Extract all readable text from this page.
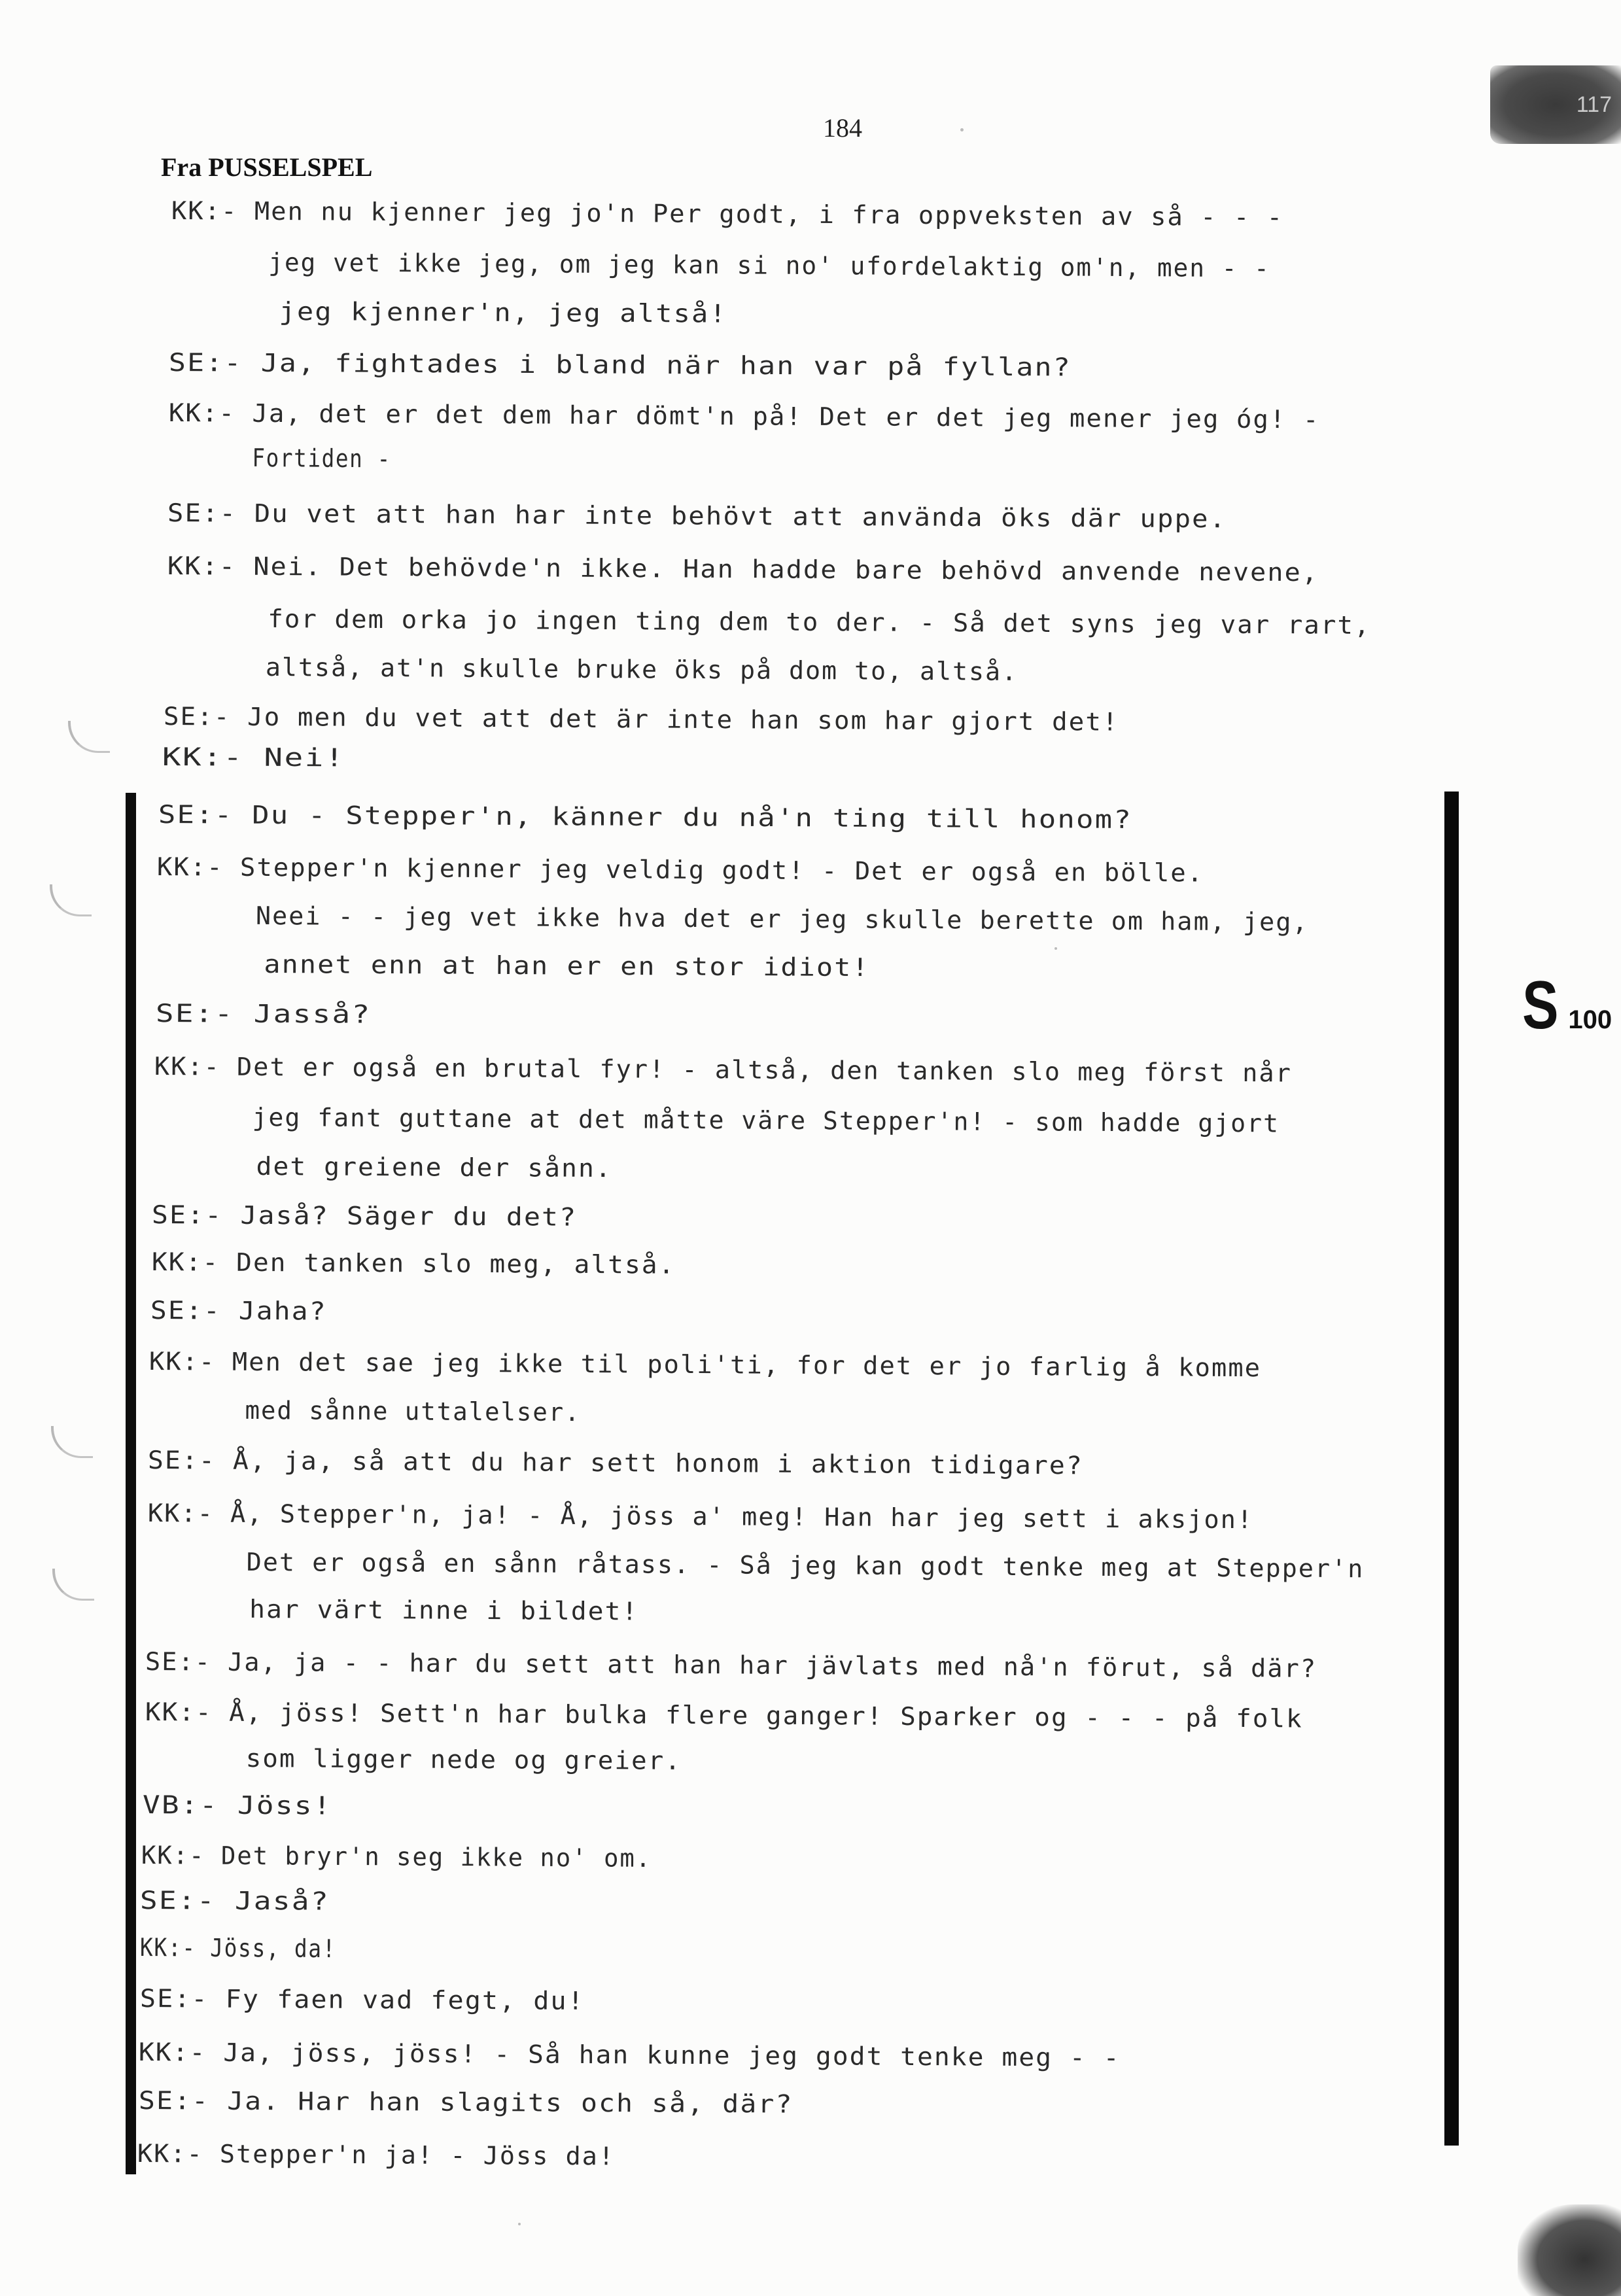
184
Fra PUSSELSPEL
117
S 100
KK:- Men nu kjenner jeg jo'n Per godt, i fra oppveksten av så - - -
jeg vet ikke jeg, om jeg kan si no' ufordelaktig om'n, men - -
jeg kjenner'n, jeg altså!
SE:- Ja, fightades i bland när han var på fyllan?
KK:- Ja, det er det dem har dömt'n på! Det er det jeg mener jeg óg! -
Fortiden -
SE:- Du vet att han har inte behövt att använda öks där uppe.
KK:- Nei. Det behövde'n ikke. Han hadde bare behövd anvende nevene,
for dem orka jo ingen ting dem to der. - Så det syns jeg var rart,
altså, at'n skulle bruke öks på dom to, altså.
SE:- Jo men du vet att det är inte han som har gjort det!
KK:- Nei!
SE:- Du - Stepper'n, känner du nå'n ting till honom?
KK:- Stepper'n kjenner jeg veldig godt! - Det er også en bölle.
Neei - - jeg vet ikke hva det er jeg skulle berette om ham, jeg,
annet enn at han er en stor idiot!
SE:- Jasså?
KK:- Det er også en brutal fyr! - altså, den tanken slo meg först når
jeg fant guttane at det måtte väre Stepper'n! - som hadde gjort
det greiene der sånn.
SE:- Jaså? Säger du det?
KK:- Den tanken slo meg, altså.
SE:- Jaha?
KK:- Men det sae jeg ikke til poli'ti, for det er jo farlig å komme
med sånne uttalelser.
SE:- Å, ja, så att du har sett honom i aktion tidigare?
KK:- Å, Stepper'n, ja! - Å, jöss a' meg! Han har jeg sett i aksjon!
Det er også en sånn råtass. - Så jeg kan godt tenke meg at Stepper'n
har värt inne i bildet!
SE:- Ja, ja - - har du sett att han har jävlats med nå'n förut, så där?
KK:- Å, jöss! Sett'n har bulka flere ganger! Sparker og - - - på folk
som ligger nede og greier.
VB:- Jöss!
KK:- Det bryr'n seg ikke no' om.
SE:- Jaså?
KK:- Jöss, da!
SE:- Fy faen vad fegt, du!
KK:- Ja, jöss, jöss! - Så han kunne jeg godt tenke meg - -
SE:- Ja. Har han slagits och så, där?
KK:- Stepper'n ja! - Jöss da!
